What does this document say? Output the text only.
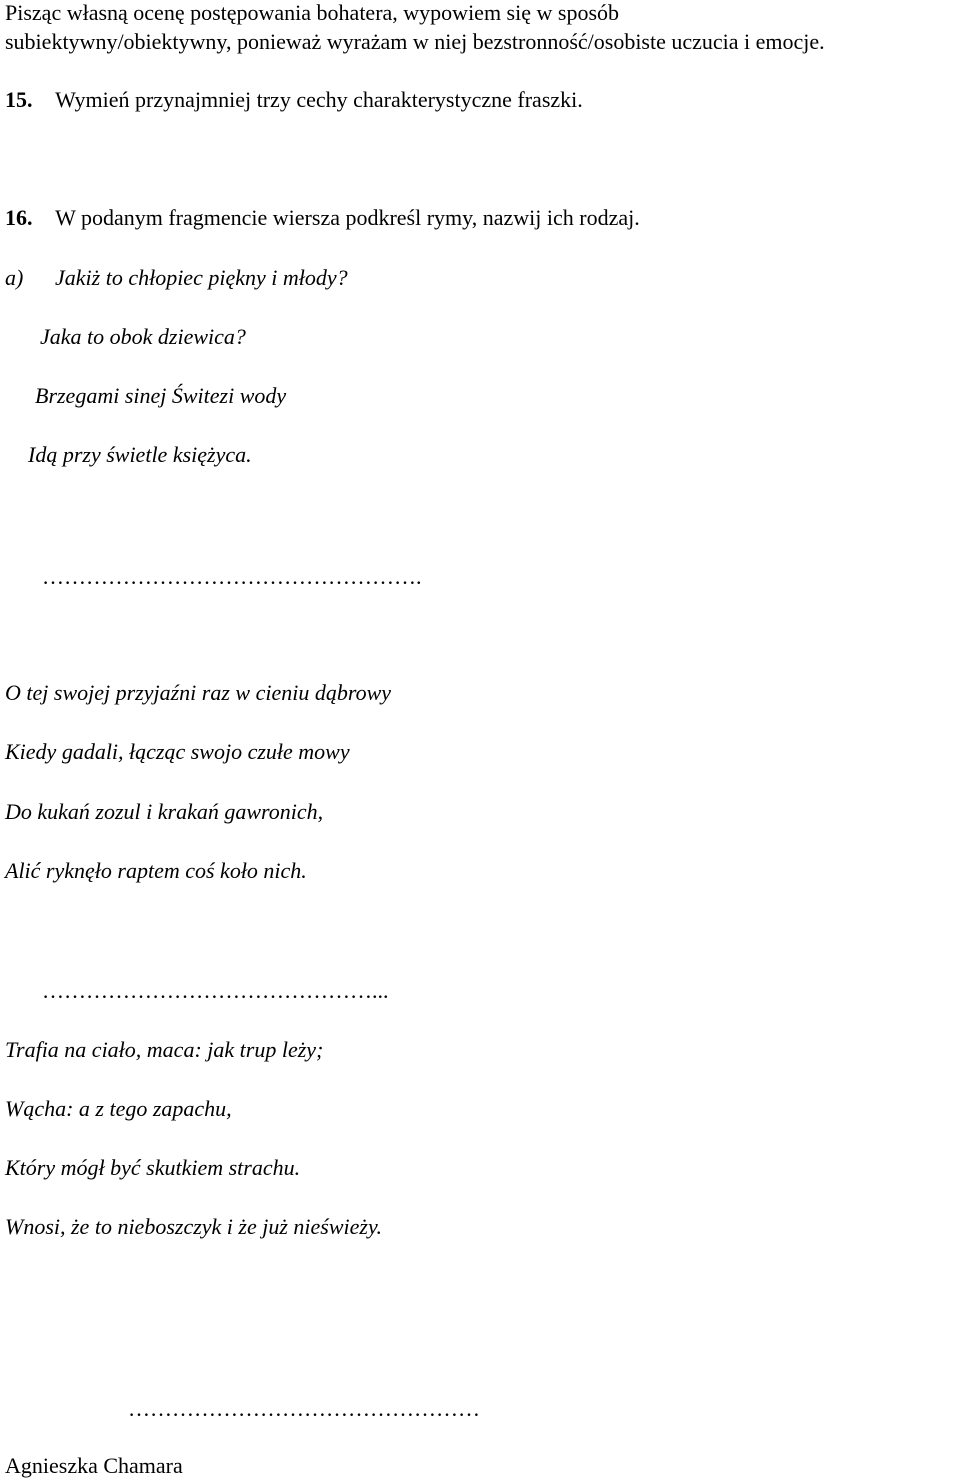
Pisząc własną ocenę postępowania bohatera, wypowiem się w sposób
subiektywny/obiektywny, ponieważ wyrażam w niej bezstronność/osobiste uczucia i emocje.
15. Wymień przynajmniej trzy cechy charakterystyczne fraszki.
16. W podanym fragmencie wiersza podkreśl rymy, nazwij ich rodzaj.
a) Jakiż to chłopiec piękny i młody?
Jaka to obok dziewica?
Brzegami sinej Świtezi wody
Idą przy świetle księżyca.
…………………………………………….
O tej swojej przyjaźni raz w cieniu dąbrowy
Kiedy gadali, łącząc swojo czułe mowy
Do kukań zozul i krakań gawronich,
Alić ryknęło raptem coś koło nich.
………………………………………...
Trafia na ciało, maca: jak trup leży;
Wącha: a z tego zapachu,
Który mógł być skutkiem strachu.
Wnosi, że to nieboszczyk i że już nieświeży.
…………………………………………
Agnieszka Chamara
